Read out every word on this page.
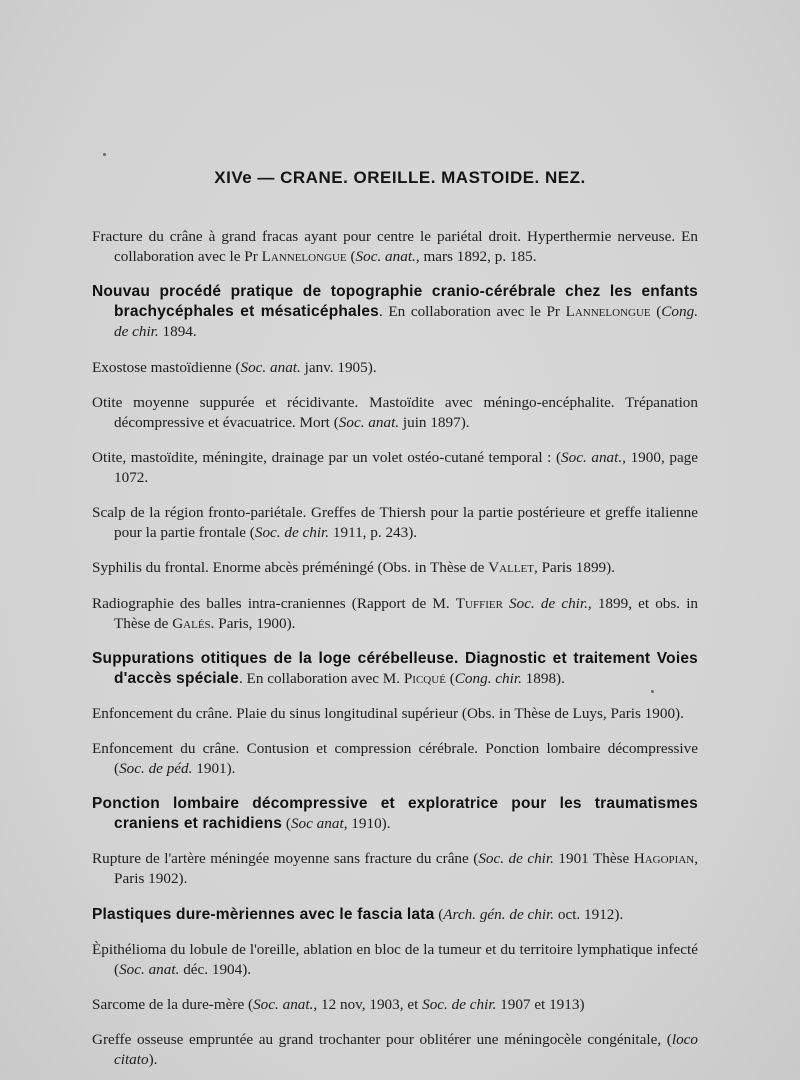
XIVe — CRANE. OREILLE. MASTOIDE. NEZ.

Fracture du crâne à grand fracas ayant pour centre le pariétal droit. Hyperthermie nerveuse. En collaboration avec le Pr Lannelongue (Soc. anat., mars 1892, p. 185.

Nouvau procédé pratique de topographie cranio-cérébrale chez les enfants brachycéphales et mésaticéphales. En collaboration avec le Pr Lannelongue (Cong. de chir. 1894.

Exostose mastoïdienne (Soc. anat. janv. 1905).

Otite moyenne suppurée et récidivante. Mastoïdite avec méningo-encéphalite. Trépanation décompressive et évacuatrice. Mort (Soc. anat. juin 1897).

Otite, mastoïdite, méningite, drainage par un volet ostéo-cutané temporal : (Soc. anat., 1900, page 1072.

Scalp de la région fronto-pariétale. Greffes de Thiersh pour la partie postérieure et greffe italienne pour la partie frontale (Soc. de chir. 1911, p. 243).

Syphilis du frontal. Enorme abcès préméningé (Obs. in Thèse de Vallet, Paris 1899).

Radiographie des balles intra-craniennes (Rapport de M. Tuffier Soc. de chir., 1899, et obs. in Thèse de Galés. Paris, 1900).

Suppurations otitiques de la loge cérébelleuse. Diagnostic et traitement Voies d'accès spéciale. En collaboration avec M. Picqué (Cong. chir. 1898).

Enfoncement du crâne. Plaie du sinus longitudinal supérieur (Obs. in Thèse de Luys, Paris 1900).

Enfoncement du crâne. Contusion et compression cérébrale. Ponction lombaire décompressive (Soc. de péd. 1901).

Ponction lombaire décompressive et exploratrice pour les traumatismes craniens et rachidiens (Soc anat, 1910).

Rupture de l'artère méningée moyenne sans fracture du crâne (Soc. de chir. 1901 Thèse Hagopian, Paris 1902).

Plastiques dure-mèriennes avec le fascia lata (Arch. gén. de chir. oct. 1912).

Èpithélioma du lobule de l'oreille, ablation en bloc de la tumeur et du territoire lymphatique infecté (Soc. anat. déc. 1904).

Sarcome de la dure-mère (Soc. anat., 12 nov, 1903, et Soc. de chir. 1907 et 1913)

Greffe osseuse empruntée au grand trochanter pour oblitérer une méningocèle congénitale, (loco citato).
